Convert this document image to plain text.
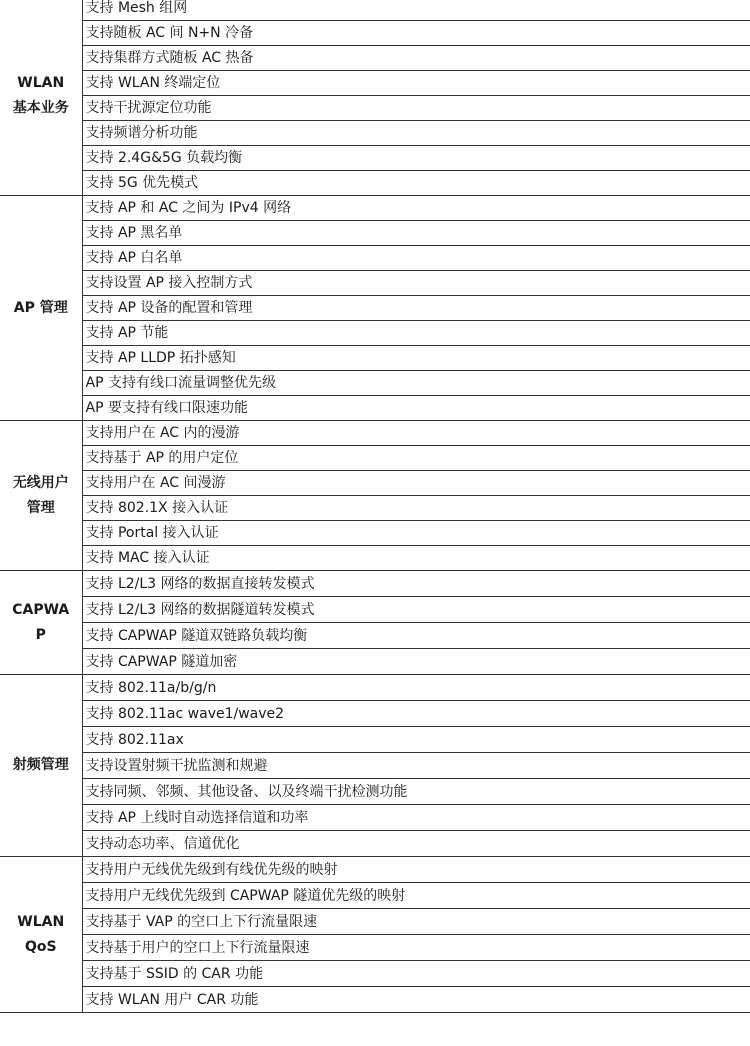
WLAN
基本业务	支持 Mesh 组网
	支持随板 AC 间 N+N 冷备
	支持集群方式随板 AC 热备
	支持 WLAN 终端定位
	支持干扰源定位功能
	支持频谱分析功能
	支持 2.4G&5G 负载均衡
	支持 5G 优先模式
AP 管理	支持 AP 和 AC 之间为 IPv4 网络
	支持 AP 黑名单
	支持 AP 白名单
	支持设置 AP 接入控制方式
	支持 AP 设备的配置和管理
	支持 AP 节能
	支持 AP LLDP 拓扑感知
	AP 支持有线口流量调整优先级
	AP 要支持有线口限速功能
无线用户
管理	支持用户在 AC 内的漫游
	支持基于 AP 的用户定位
	支持用户在 AC 间漫游
	支持 802.1X 接入认证
	支持 Portal 接入认证
	支持 MAC 接入认证
CAPWA
P	支持 L2/L3 网络的数据直接转发模式
	支持 L2/L3 网络的数据隧道转发模式
	支持 CAPWAP 隧道双链路负载均衡
	支持 CAPWAP 隧道加密
射频管理	支持 802.11a/b/g/n
	支持 802.11ac wave1/wave2
	支持 802.11ax
	支持设置射频干扰监测和规避
	支持同频、邻频、其他设备、以及终端干扰检测功能
	支持 AP 上线时自动选择信道和功率
	支持动态功率、信道优化
WLAN
QoS	支持用户无线优先级到有线优先级的映射
	支持用户无线优先级到 CAPWAP 隧道优先级的映射
	支持基于 VAP 的空口上下行流量限速
	支持基于用户的空口上下行流量限速
	支持基于 SSID 的 CAR 功能
	支持 WLAN 用户 CAR 功能
